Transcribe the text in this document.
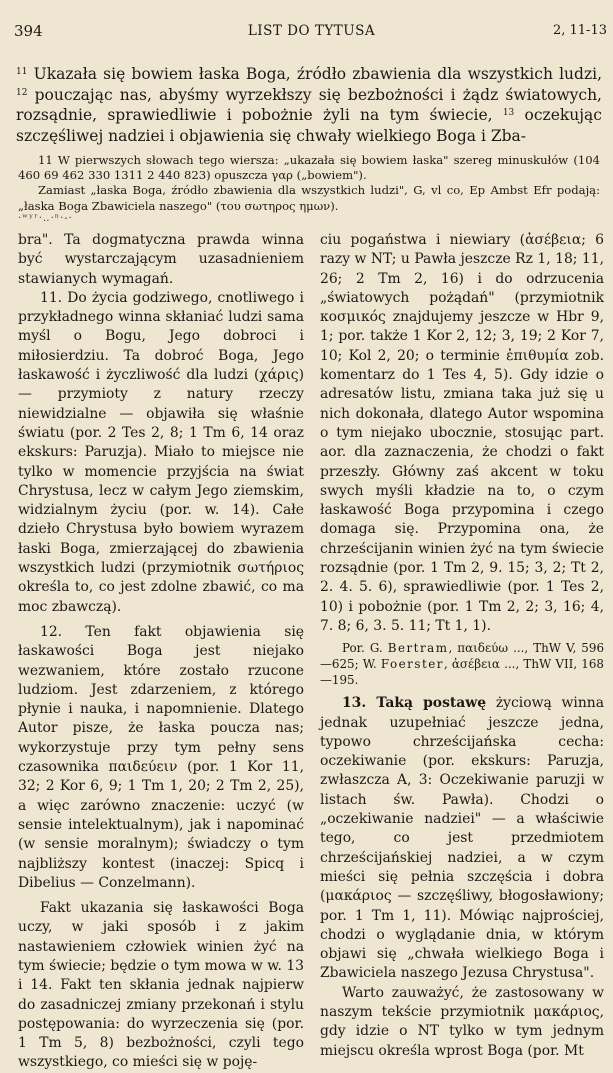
394	LIST DO TYTUSA	2, 11-13
$^{11}$ Ukazała się bowiem łaska Boga, źródło zbawienia dla wszystkich ludzi, $^{12}$ pouczając nas, abyśmy wyrzekłszy się bezbożności i żądz światowych, rozsądnie, sprawiedliwie i pobożnie żyli na tym świecie, $^{13}$ oczekując szczęśliwej nadziei i objawienia się chwały wielkiego Boga i Zba-

11 W pierwszych słowach tego wiersza: „ukazała się bowiem łaska" szereg minuskułów (104 460 69 462 330 1311 2 440 823) opuszcza γαρ („bowiem").

Zamiast „łaska Boga, źródło zbawienia dla wszystkich ludzi", G, vl co, Ep Ambst Efr podają: „łaska Boga Zbawiciela naszego" (του σωτηρος ημων).

·ʷʸʳ·‥·ⁿ·‐·

bra". Ta dogmatyczna prawda winna być wystarczającym uzasadnieniem stawianych wymagań.

11. Do życia godziwego, cnotliwego i przykładnego winna skłaniać ludzi sama myśl o Bogu, Jego dobroci i miłosierdziu. Ta dobroć Boga, Jego łaskawość i życzliwość dla ludzi (χάρις) — przymioty z natury rzeczy niewidzialne — objawiła się właśnie światu (por. 2 Tes 2, 8; 1 Tm 6, 14 oraz ekskurs: Paruzja). Miało to miejsce nie tylko w momencie przyjścia na świat Chrystusa, lecz w całym Jego ziemskim, widzialnym życiu (por. w. 14). Całe dzieło Chrystusa było bowiem wyrazem łaski Boga, zmierzającej do zbawienia wszystkich ludzi (przymiotnik σωτήριος określa to, co jest zdolne zbawić, co ma moc zbawczą).

12. Ten fakt objawienia się łaskawości Boga jest niejako wezwaniem, które zostało rzucone ludziom. Jest zdarzeniem, z którego płynie i nauka, i napomnienie. Dlatego Autor pisze, że łaska poucza nas; wykorzystuje przy tym pełny sens czasownika παιδεύειν (por. 1 Kor 11, 32; 2 Kor 6, 9; 1 Tm 1, 20; 2 Tm 2, 25), a więc zarówno znaczenie: uczyć (w sensie intelektualnym), jak i napominać (w sensie moralnym); świadczy o tym najbliższy kontest (inaczej: Spicq i Dibelius — Conzelmann).

Fakt ukazania się łaskawości Boga uczy, w jaki sposób i z jakim nastawieniem człowiek winien żyć na tym świecie; będzie o tym mowa w w. 13 i 14. Fakt ten skłania jednak najpierw do zasadniczej zmiany przekonań i stylu postępowania: do wyrzeczenia się (por. 1 Tm 5, 8) bezbożności, czyli tego wszystkiego, co mieści się w poję-

ciu pogaństwa i niewiary (ἀσέβεια; 6 razy w NT; u Pawła jeszcze Rz 1, 18; 11, 26; 2 Tm 2, 16) i do odrzucenia „światowych pożądań" (przymiotnik κοσμικός znajdujemy jeszcze w Hbr 9, 1; por. także 1 Kor 2, 12; 3, 19; 2 Kor 7, 10; Kol 2, 20; o terminie ἐπιθυμία zob. komentarz do 1 Tes 4, 5). Gdy idzie o adresatów listu, zmiana taka już się u nich dokonała, dlatego Autor wspomina o tym niejako ubocznie, stosując part. aor. dla zaznaczenia, że chodzi o fakt przeszły. Główny zaś akcent w toku swych myśli kładzie na to, o czym łaskawość Boga przypomina i czego domaga się. Przypomina ona, że chrześcijanin winien żyć na tym świecie rozsądnie (por. 1 Tm 2, 9. 15; 3, 2; Tt 2, 2. 4. 5. 6), sprawiedliwie (por. 1 Tes 2, 10) i pobożnie (por. 1 Tm 2, 2; 3, 16; 4, 7. 8; 6, 3. 5. 11; Tt 1, 1).

Por. G. Bertram, παιδεύω ..., ThW V, 596—625; W. Foerster, ἀσέβεια ..., ThW VII, 168—195.

13. Taką postawę życiową winna jednak uzupełniać jeszcze jedna, typowo chrześcijańska cecha: oczekiwanie (por. ekskurs: Paruzja, zwłaszcza A, 3: Oczekiwanie paruzji w listach św. Pawła). Chodzi o „oczekiwanie nadziei" — a właściwie tego, co jest przedmiotem chrześcijańskiej nadziei, a w czym mieści się pełnia szczęścia i dobra (μακάριος — szczęśliwy, błogosławiony; por. 1 Tm 1, 11). Mówiąc najprościej, chodzi o wyglądanie dnia, w którym objawi się „chwała wielkiego Boga i Zbawiciela naszego Jezusa Chrystusa".

Warto zauważyć, że zastosowany w naszym tekście przymiotnik μακάριος, gdy idzie o NT tylko w tym jednym miejscu określa wprost Boga (por. Mt
